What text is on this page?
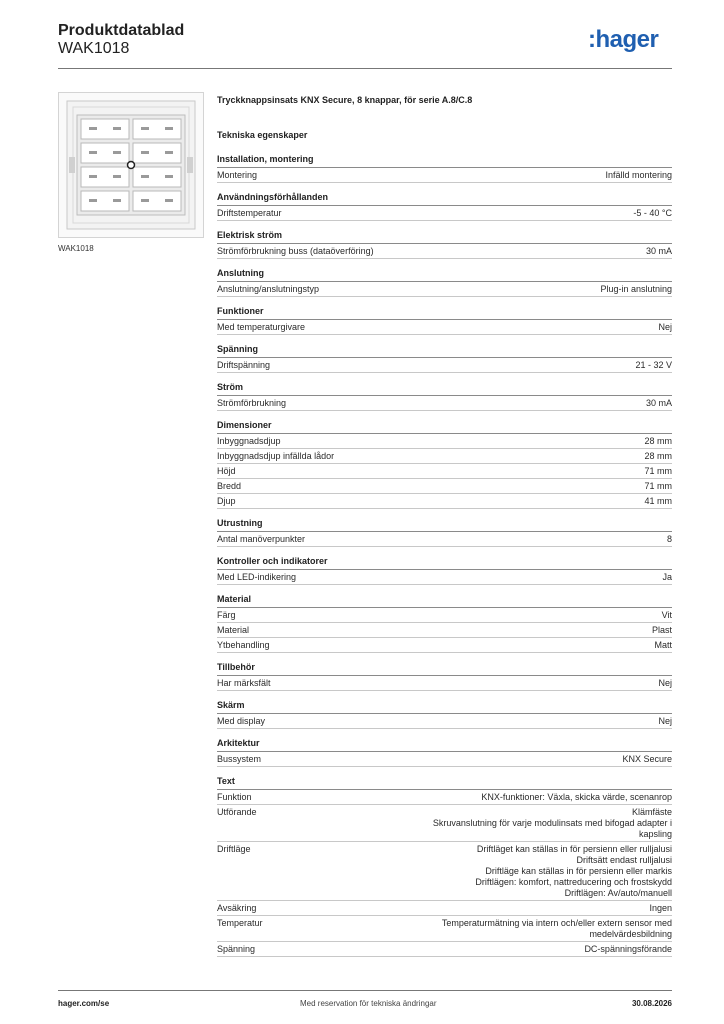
Produktdatablad
WAK1018	:hager
WAK1018
Tryckknappsinsats KNX Secure, 8 knappar, för serie A.8/C.8
Tekniska egenskaper
Installation, montering
Montering	Infälld montering
Användningsförhållanden
Driftstemperatur	-5 - 40 °C
Elektrisk ström
Strömförbrukning buss (dataöverföring)	30 mA
Anslutning
Anslutning/anslutningstyp	Plug-in anslutning
Funktioner
Med temperaturgivare	Nej
Spänning
Driftspänning	21 - 32 V
Ström
Strömförbrukning	30 mA
Dimensioner
Inbyggnadsdjup	28 mm
Inbyggnadsdjup infällda lådor	28 mm
Höjd	71 mm
Bredd	71 mm
Djup	41 mm
Utrustning
Antal manöverpunkter	8
Kontroller och indikatorer
Med LED-indikering	Ja
Material
Färg	Vit
Material	Plast
Ytbehandling	Matt
Tillbehör
Har märksfält	Nej
Skärm
Med display	Nej
Arkitektur
Bussystem	KNX Secure
Text
Funktion	KNX-funktioner: Växla, skicka värde, scenanrop
Utförande	Klämfäste
Skruvanslutning för varje modulinsats med bifogad adapter i
kapsling
Driftläge	Driftläget kan ställas in för persienn eller rulljalusi
Driftsätt endast rulljalusi
Driftläge kan ställas in för persienn eller markis
Driftlägen: komfort, nattreducering och frostskydd
Driftlägen: Av/auto/manuell
Avsäkring	Ingen
Temperatur	Temperaturmätning via intern och/eller extern sensor med
medelvärdesbildning
Spänning	DC-spänningsförande
hager.com/se	Med reservation för tekniska ändringar	30.08.2026
